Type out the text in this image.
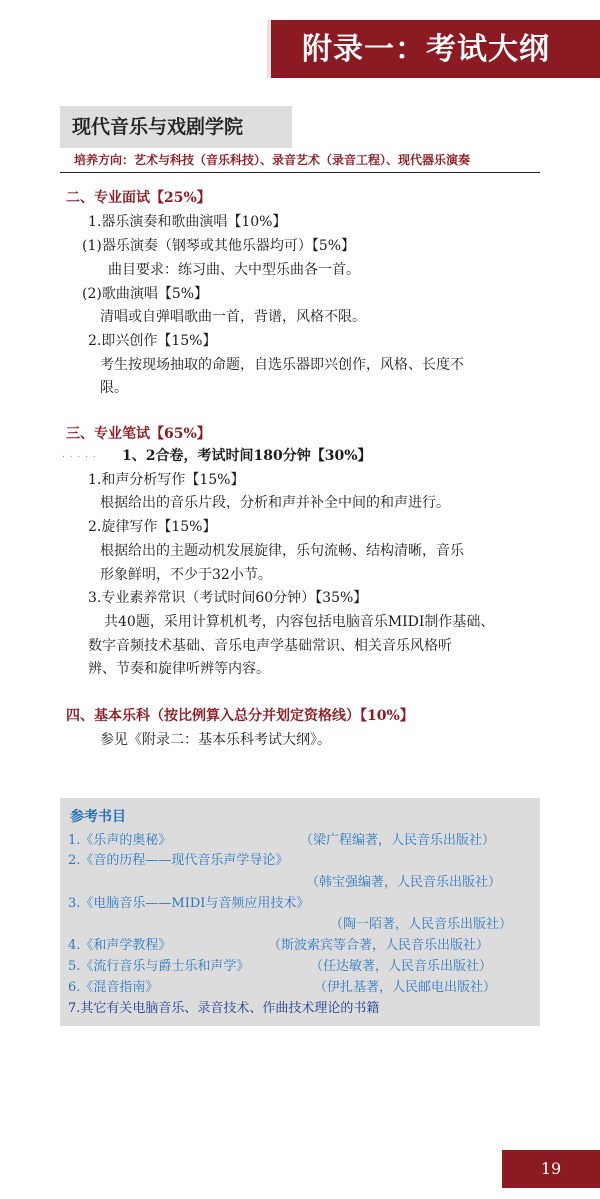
附录一：考试大纲
现代音乐与戏剧学院
培养方向：艺术与科技（音乐科技）、录音艺术（录音工程）、现代器乐演奏
二、专业面试【25%】
1.器乐演奏和歌曲演唱【10%】
(1)器乐演奏（钢琴或其他乐器均可）【5%】
曲目要求：练习曲、大中型乐曲各一首。
(2)歌曲演唱【5%】
清唱或自弹唱歌曲一首，背谱，风格不限。
2.即兴创作【15%】
考生按现场抽取的命题，自选乐器即兴创作，风格、长度不
限。
三、专业笔试【65%】
. . . . . 1、2合卷，考试时间180分钟【30%】
1.和声分析写作【15%】
根据给出的音乐片段，分析和声并补全中间的和声进行。
2.旋律写作【15%】
根据给出的主题动机发展旋律，乐句流畅、结构清晰，音乐
形象鲜明，不少于32小节。
3.专业素养常识（考试时间60分钟）【35%】
共40题，采用计算机机考，内容包括电脑音乐MIDI制作基础、
数字音频技术基础、音乐电声学基础常识、相关音乐风格听
辨、节奏和旋律听辨等内容。
四、基本乐科（按比例算入总分并划定资格线）【10%】
参见《附录二：基本乐科考试大纲》。
参考书目
1.《乐声的奥秘》	（梁广程编著，人民音乐出版社）
2.《音的历程——现代音乐声学导论》
（韩宝强编著，人民音乐出版社）
3.《电脑音乐——MIDI与音频应用技术》
（陶一陌著，人民音乐出版社）
4.《和声学教程》	（斯波索宾等合著，人民音乐出版社）
5.《流行音乐与爵士乐和声学》	（任达敏著，人民音乐出版社）
6.《混音指南》	（伊扎基著，人民邮电出版社）
7.其它有关电脑音乐、录音技术、作曲技术理论的书籍
19
